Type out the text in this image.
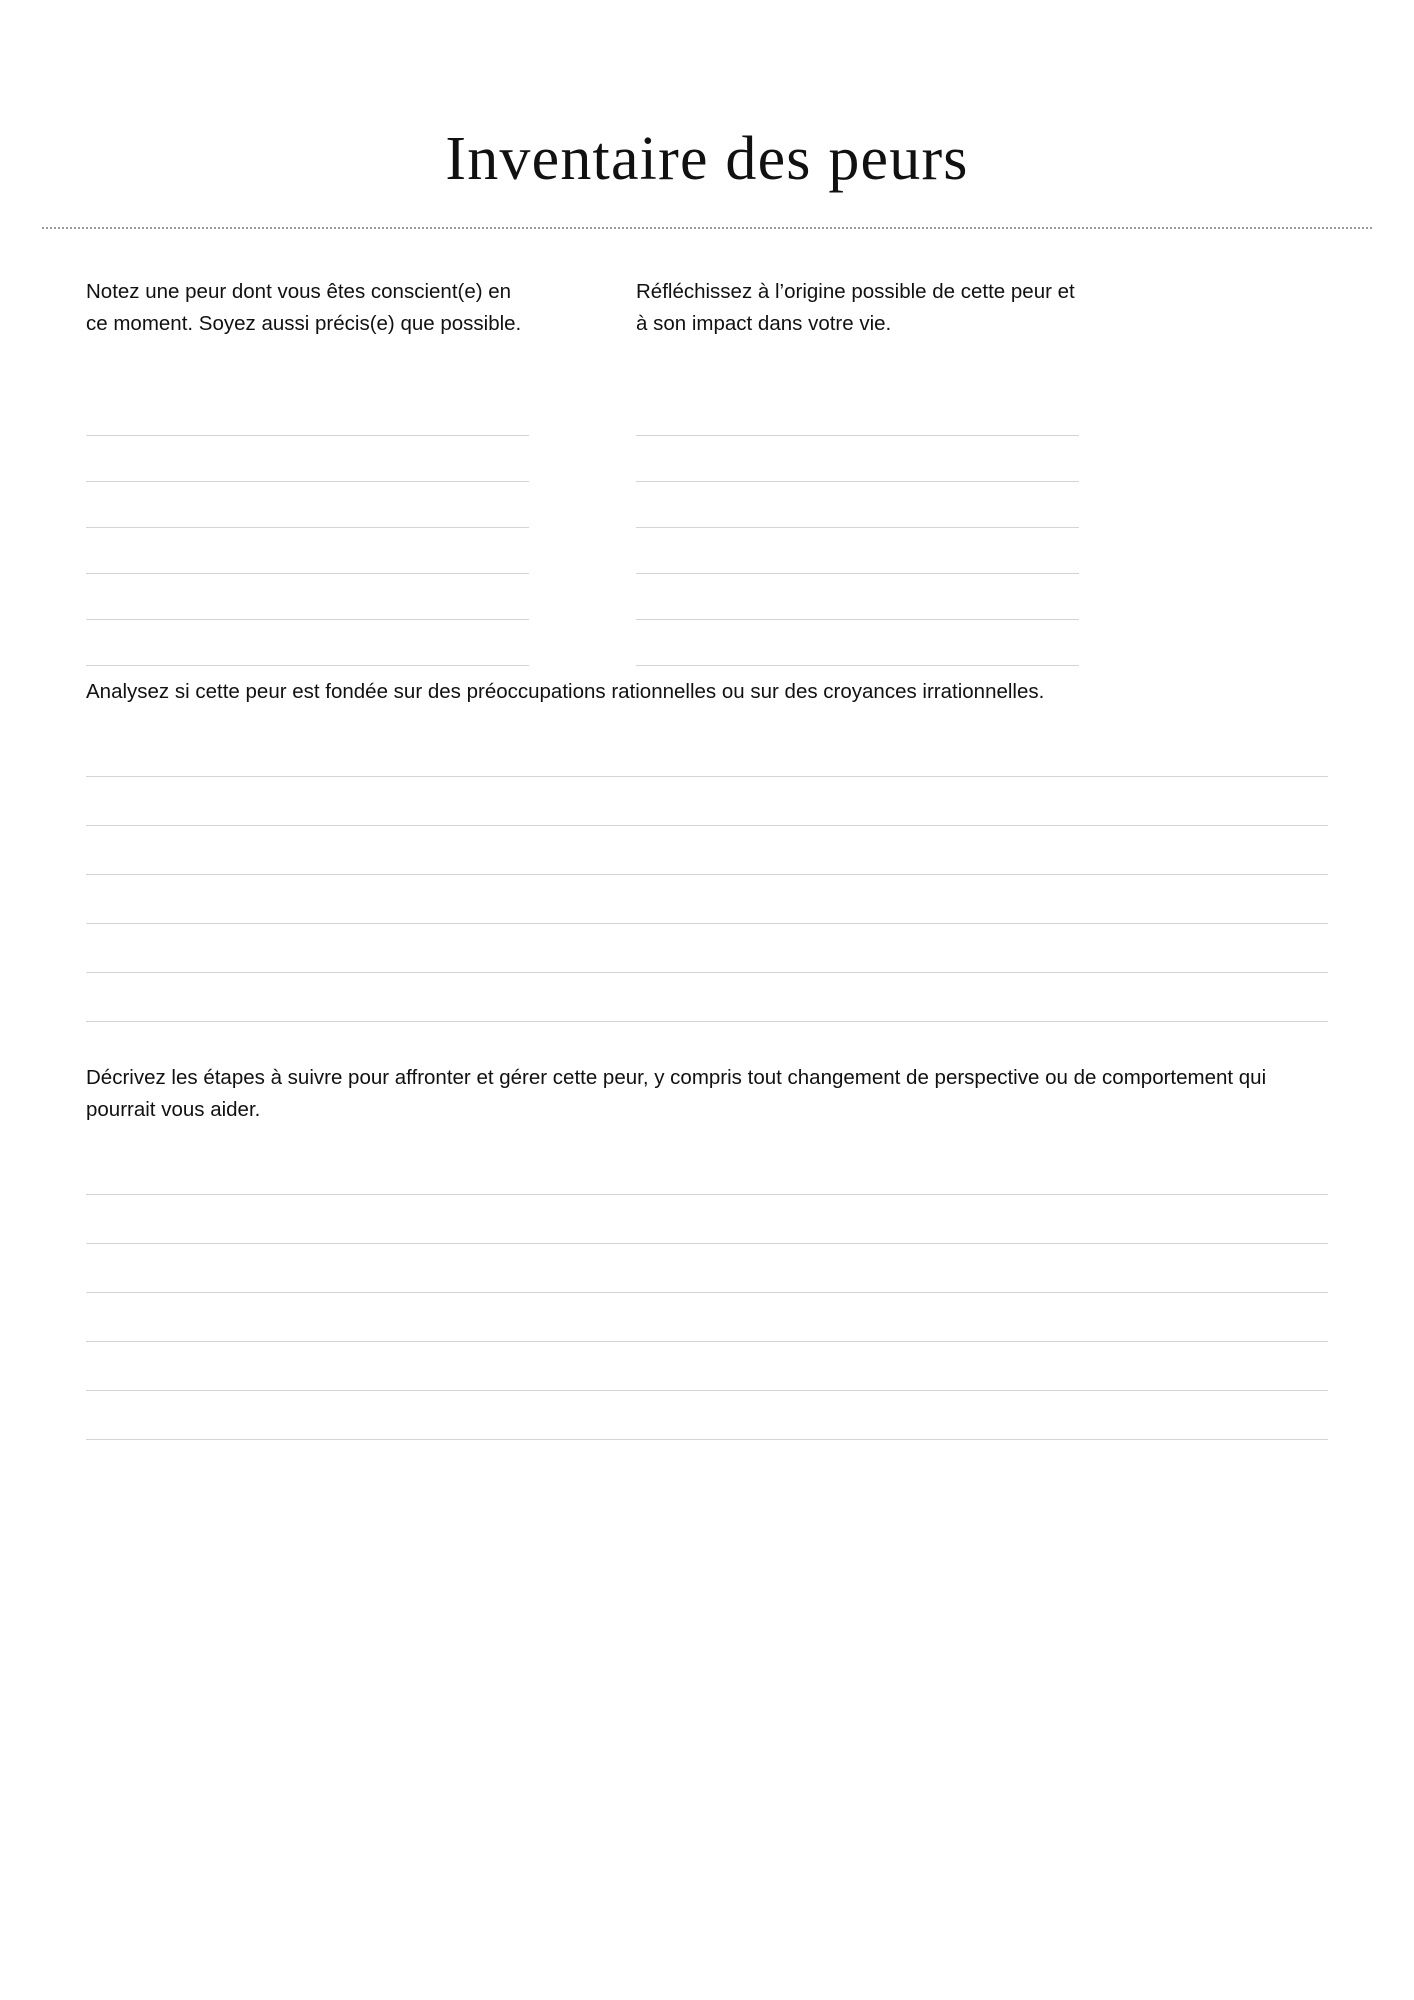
Inventaire des peurs

Notez une peur dont vous êtes conscient(e) en ce moment. Soyez aussi précis(e) que possible.

Réfléchissez à l’origine possible de cette peur et à son impact dans votre vie.

Analysez si cette peur est fondée sur des préoccupations rationnelles ou sur des croyances irrationnelles.

Décrivez les étapes à suivre pour affronter et gérer cette peur, y compris tout changement de perspective ou de comportement qui pourrait vous aider.
